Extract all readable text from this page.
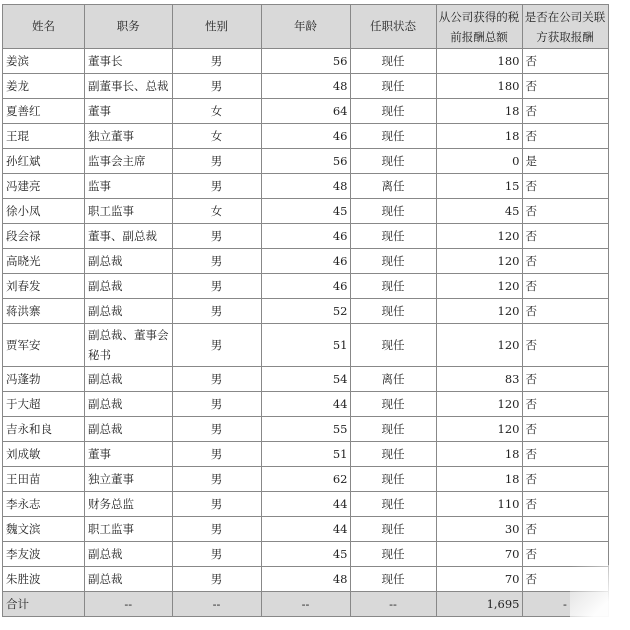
姓名	职务	性别	年龄	任职状态	从公司获得的税前报酬总额	是否在公司关联方获取报酬
姜滨	董事长	男	56	现任	180	否
姜龙	副董事长、总裁	男	48	现任	180	否
夏善红	董事	女	64	现任	18	否
王琨	独立董事	女	46	现任	18	否
孙红斌	监事会主席	男	56	现任	0	是
冯建亮	监事	男	48	离任	15	否
徐小凤	职工监事	女	45	现任	45	否
段会禄	董事、副总裁	男	46	现任	120	否
高晓光	副总裁	男	46	现任	120	否
刘春发	副总裁	男	46	现任	120	否
蒋洪寨	副总裁	男	52	现任	120	否
贾军安	副总裁、董事会秘书	男	51	现任	120	否
冯蓬勃	副总裁	男	54	离任	83	否
于大超	副总裁	男	44	现任	120	否
吉永和良	副总裁	男	55	现任	120	否
刘成敏	董事	男	51	现任	18	否
王田苗	独立董事	男	62	现任	18	否
李永志	财务总监	男	44	现任	110	否
魏文滨	职工监事	男	44	现任	30	否
李友波	副总裁	男	45	现任	70	否
朱胜波	副总裁	男	48	现任	70	否
合计	--	--	--	--	1,695	-
